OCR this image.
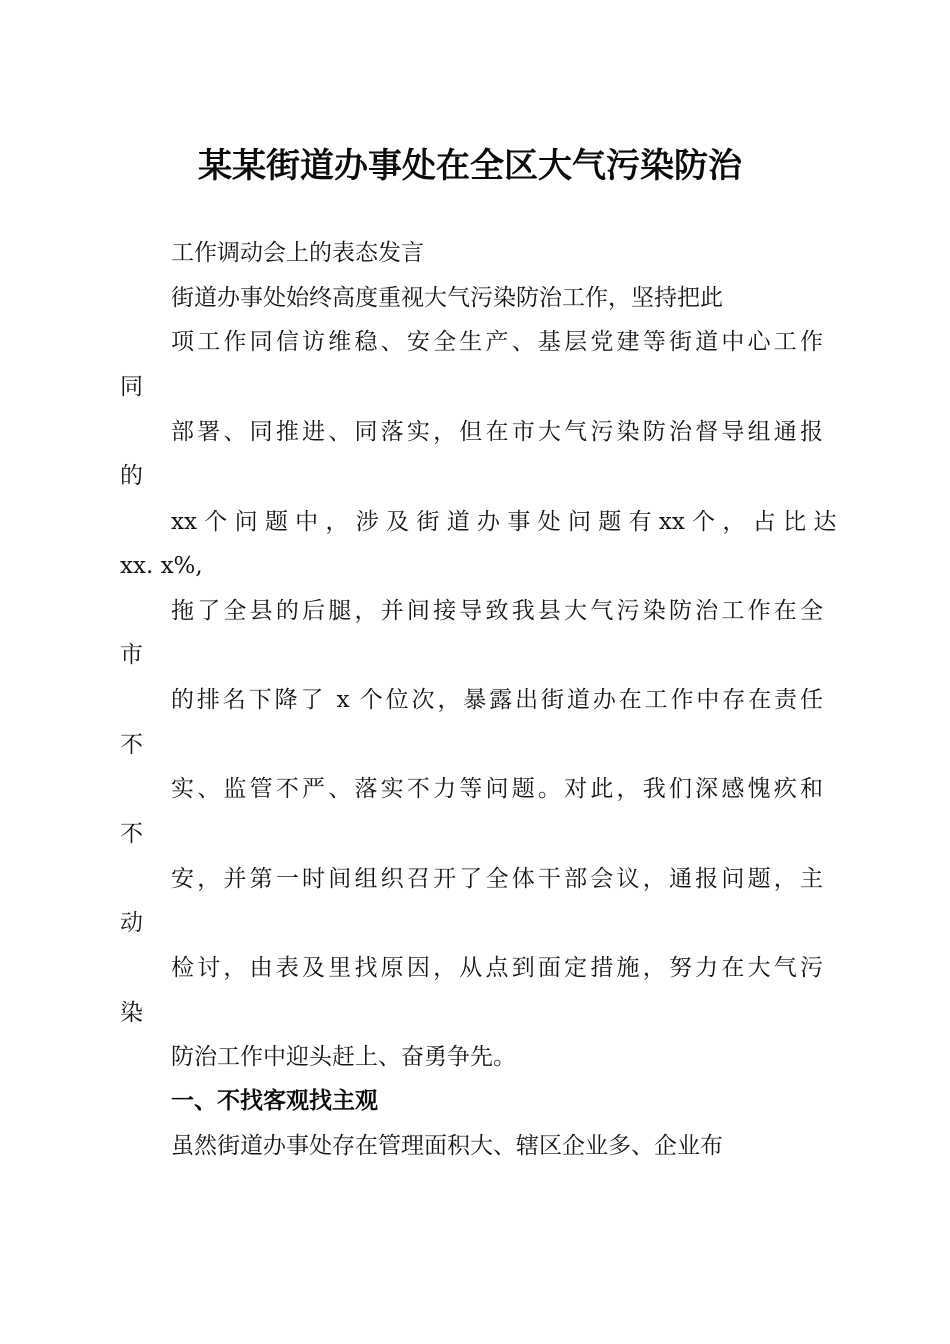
某某街道办事处在全区大气污染防治
工作调动会上的表态发言
街道办事处始终高度重视大气污染防治工作，坚持把此
项工作同信访维稳、安全生产、基层党建等街道中心工作
同
部署、同推进、同落实，但在市大气污染防治督导组通报
的
xx 个 问 题 中 ， 涉 及 街 道 办 事 处 问 题 有 xx 个 ， 占 比 达
xx. x%,
拖了全县的后腿，并间接导致我县大气污染防治工作在全
市
的排名下降了 x 个位次，暴露出街道办在工作中存在责任
不
实、监管不严、落实不力等问题。对此，我们深感愧疚和
不
安，并第一时间组织召开了全体干部会议，通报问题，主
动
检讨，由表及里找原因，从点到面定措施，努力在大气污
染
防治工作中迎头赶上、奋勇争先。
一、不找客观找主观
虽然街道办事处存在管理面积大、辖区企业多、企业布
